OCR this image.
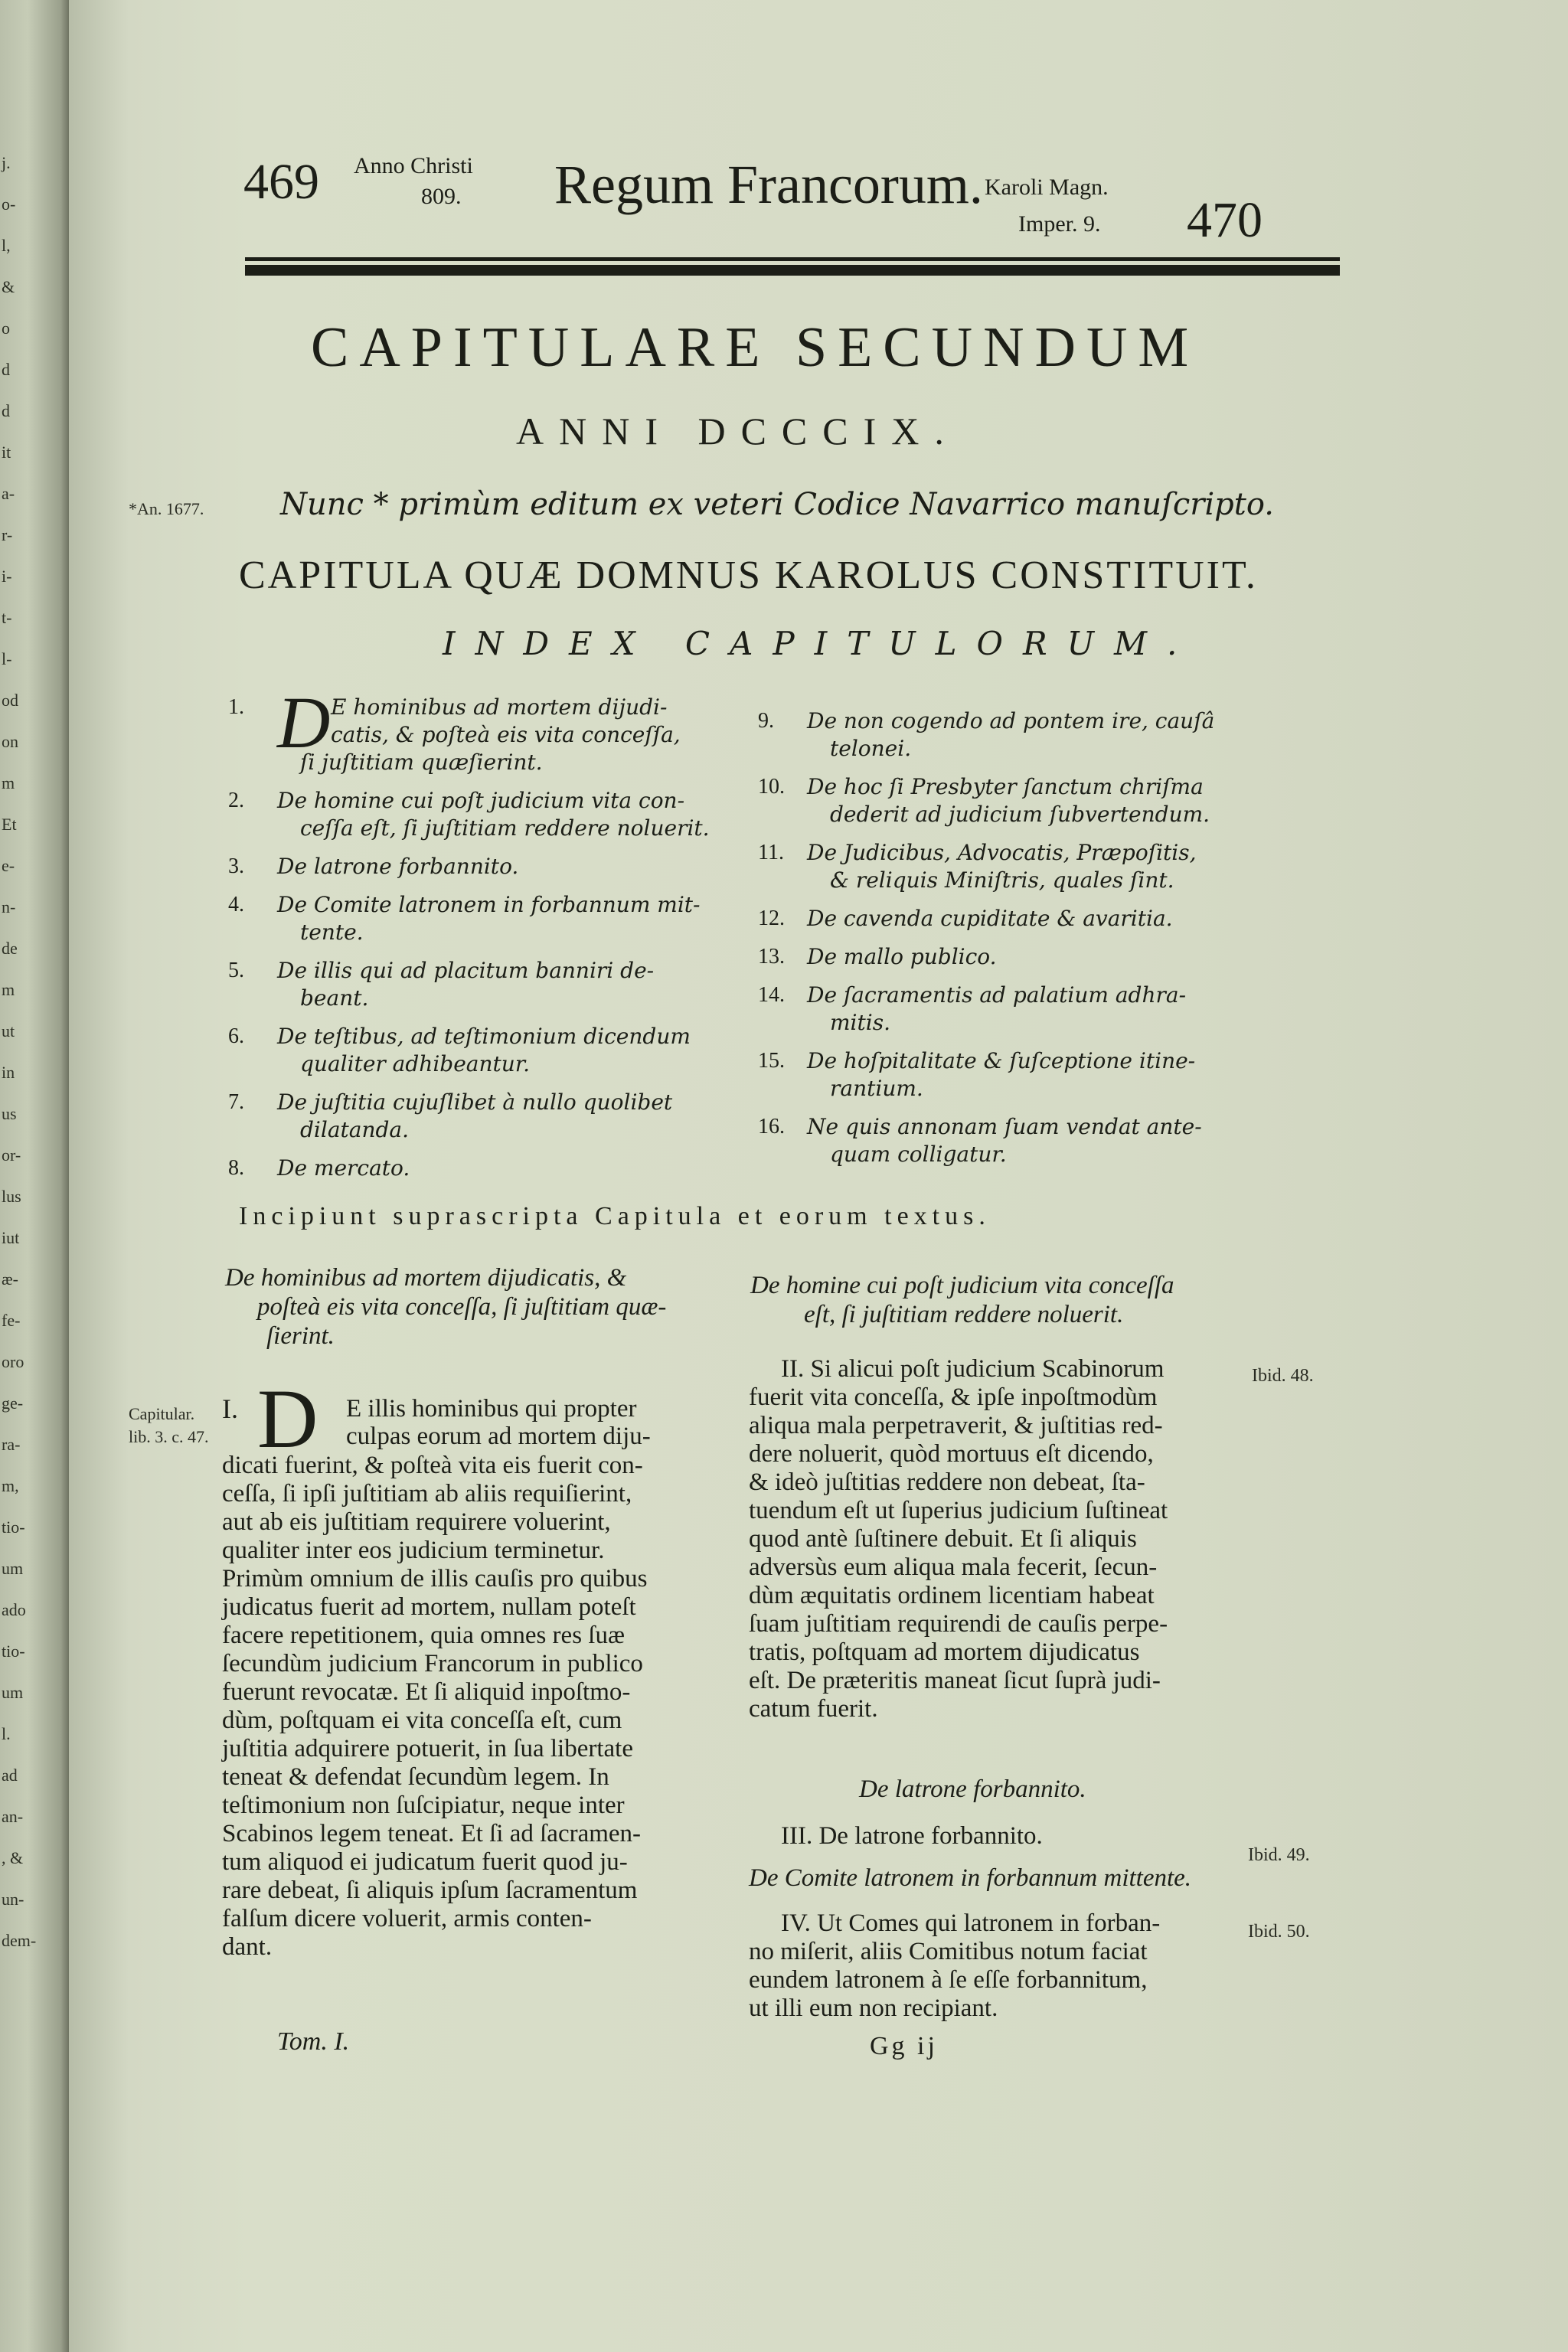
j.
o-
l,
&
o
d
d
it
a-
r-
i-
t-
l-
od
on
m
Et
e-
n-
de
m
ut
in
us
or-
lus
iut
æ-
fe-
oro
ge-
ra-
m,
tio-
um
ado
tio-
um
l.
ad
an-
, &
un-
dem-
469 Anno Christi
809. Regum Francorum. Karoli Magn.
Imper. 9. 470
CAPITULARE SECUNDUM
ANNI DCCCIX.
*An. 1677. Nunc * primùm editum ex veteri Codice Navarrico manuſcripto.
CAPITULA QUÆ DOMNUS KAROLUS CONSTITUIT.
INDEX CAPITULORUM.
Incipiunt suprascripta Capitula et eorum textus.
Capitular.
lib. 3. c. 47.
I. D
Tom. I.
Ibid. 48.
Gg ij
1. D E hominibus ad mortem dijudi-
catis, & poſteà eis vita conceſſa,
ſi juſtitiam quæſierint.
2. De homine cui poſt judicium vita con-
ceſſa eſt, ſi juſtitiam reddere noluerit.
3. De latrone forbannito.
4. De Comite latronem in forbannum mit-
tente.
5. De illis qui ad placitum banniri de-
beant.
6. De teſtibus, ad teſtimonium dicendum
qualiter adhibeantur.
7. De juſtitia cujuſlibet à nullo quolibet
dilatanda.
8. De mercato.
9. De non cogendo ad pontem ire, cauſâ
telonei.
10. De hoc ſi Presbyter ſanctum chriſma
dederit ad judicium ſubvertendum.
11. De Judicibus, Advocatis, Præpoſitis,
& reliquis Miniſtris, quales ſint.
12. De cavenda cupiditate & avaritia.
13. De mallo publico.
14. De ſacramentis ad palatium adhra-
mitis.
15. De hoſpitalitate & ſuſceptione itine-
rantium.
16. Ne quis annonam ſuam vendat ante-
quam colligatur.
De hominibus ad mortem dijudicatis, &
poſteà eis vita conceſſa, ſi juſtitiam quæ-
ſierint.
E illis hominibus qui propter
culpas eorum ad mortem diju-
dicati fuerint, & poſteà vita eis fuerit con-
ceſſa, ſi ipſi juſtitiam ab aliis requiſierint,
aut ab eis juſtitiam requirere voluerint,
qualiter inter eos judicium terminetur.
Primùm omnium de illis cauſis pro quibus
judicatus fuerit ad mortem, nullam poteſt
facere repetitionem, quia omnes res ſuæ
ſecundùm judicium Francorum in publico
fuerunt revocatæ. Et ſi aliquid inpoſtmo-
dùm, poſtquam ei vita conceſſa eſt, cum
juſtitia adquirere potuerit, in ſua libertate
teneat & defendat ſecundùm legem. In
teſtimonium non ſuſcipiatur, neque inter
Scabinos legem teneat. Et ſi ad ſacramen-
tum aliquod ei judicatum fuerit quod ju-
rare debeat, ſi aliquis ipſum ſacramentum
falſum dicere voluerit, armis conten-
dant.
De homine cui poſt judicium vita conceſſa
eſt, ſi juſtitiam reddere noluerit.
II. Si alicui poſt judicium Scabinorum
fuerit vita conceſſa, & ipſe inpoſtmodùm
aliqua mala perpetraverit, & juſtitias red-
dere noluerit, quòd mortuus eſt dicendo,
& ideò juſtitias reddere non debeat, ſta-
tuendum eſt ut ſuperius judicium ſuſtineat
quod antè ſuſtinere debuit. Et ſi aliquis
adversùs eum aliqua mala fecerit, ſecun-
dùm æquitatis ordinem licentiam habeat
ſuam juſtitiam requirendi de cauſis perpe-
tratis, poſtquam ad mortem dijudicatus
eſt. De præteritis maneat ſicut ſuprà judi-
catum fuerit.
De latrone forbannito.
III. De latrone forbannito.
Ibid. 49.
De Comite latronem in forbannum mittente.
Ibid. 50.
IV. Ut Comes qui latronem in forban-
no miſerit, aliis Comitibus notum faciat
eundem latronem à ſe eſſe forbannitum,
ut illi eum non recipiant.
